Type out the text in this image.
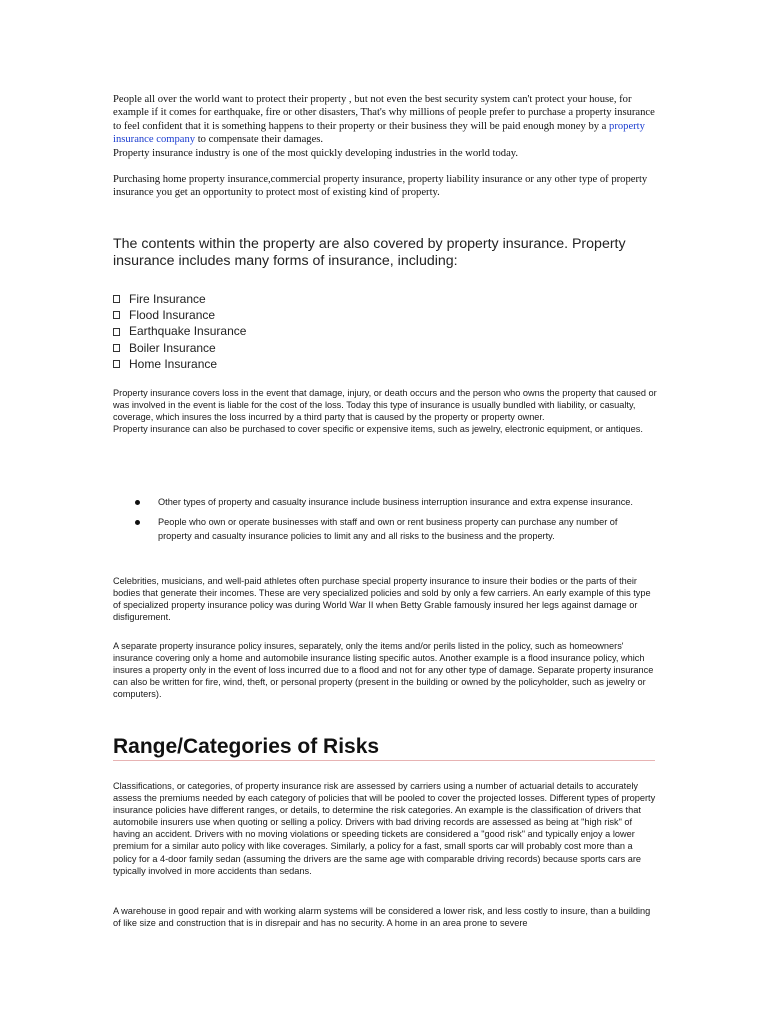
People all over the world want to protect their property , but not even the best security system can't protect your house, for example if it comes for earthquake, fire or other disasters, That's why millions of people prefer to purchase a property insurance to feel confident that it is something happens to their property or their business they will be paid enough money by a property insurance company to compensate their damages.

Property insurance industry is one of the most quickly developing industries in the world today.

Purchasing home property insurance,commercial property insurance, property liability insurance or any other type of property insurance you get an opportunity to protect most of existing kind of property.

The contents within the property are also covered by property insurance. Property insurance includes many forms of insurance, including:
Fire Insurance
Flood Insurance
Earthquake Insurance
Boiler Insurance
Home Insurance

Property insurance covers loss in the event that damage, injury, or death occurs and the person who owns the property that caused or was involved in the event is liable for the cost of the loss. Today this type of insurance is usually bundled with liability, or casualty, coverage, which insures the loss incurred by a third party that is caused by the property or property owner.

Property insurance can also be purchased to cover specific or expensive items, such as jewelry, electronic equipment, or antiques.

Other types of property and casualty insurance include business interruption insurance and extra expense insurance.
People who own or operate businesses with staff and own or rent business property can purchase any number of property and casualty insurance policies to limit any and all risks to the business and the property.
Celebrities, musicians, and well-paid athletes often purchase special property insurance to insure their bodies or the parts of their bodies that generate their incomes. These are very specialized policies and sold by only a few carriers. An early example of this type of specialized property insurance policy was during World War II when Betty Grable famously insured her legs against damage or disfigurement.
A separate property insurance policy insures, separately, only the items and/or perils listed in the policy, such as homeowners' insurance covering only a home and automobile insurance listing specific autos. Another example is a flood insurance policy, which insures a property only in the event of loss incurred due to a flood and not for any other type of damage. Separate property insurance can also be written for fire, wind, theft, or personal property (present in the building or owned by the policyholder, such as jewelry or computers).
Range/Categories of Risks
Classifications, or categories, of property insurance risk are assessed by carriers using a number of actuarial details to accurately assess the premiums needed by each category of policies that will be pooled to cover the projected losses. Different types of property insurance policies have different ranges, or details, to determine the risk categories. An example is the classification of drivers that automobile insurers use when quoting or selling a policy. Drivers with bad driving records are assessed as being at "high risk" of having an accident. Drivers with no moving violations or speeding tickets are considered a "good risk" and typically enjoy a lower premium for a similar auto policy with like coverages. Similarly, a policy for a fast, small sports car will probably cost more than a policy for a 4-door family sedan (assuming the drivers are the same age with comparable driving records) because sports cars are typically involved in more accidents than sedans.
A warehouse in good repair and with working alarm systems will be considered a lower risk, and less costly to insure, than a building of like size and construction that is in disrepair and has no security. A home in an area prone to severe
